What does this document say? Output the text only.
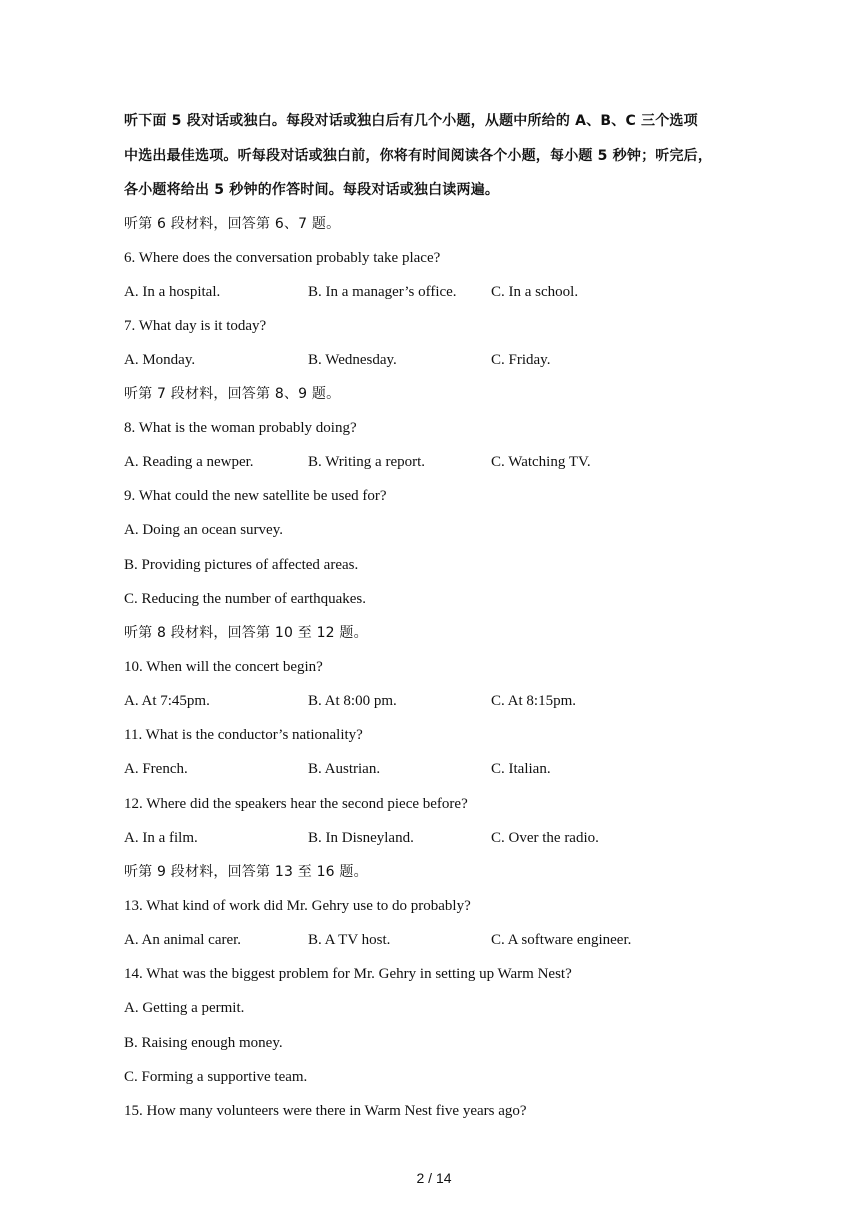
听下面 5 段对话或独白。每段对话或独白后有几个小题，从题中所给的 A、B、C 三个选项
中选出最佳选项。听每段对话或独白前，你将有时间阅读各个小题，每小题 5 秒钟；听完后，
各小题将给出 5 秒钟的作答时间。每段对话或独白读两遍。
听第 6 段材料，回答第 6、7 题。
6. Where does the conversation probably take place?
A. In a hospital.	B. In a manager’s office. C. In a school.
7. What day is it today?
A. Monday.	B. Wednesday.	C. Friday.
听第 7 段材料，回答第 8、9 题。
8. What is the woman probably doing?
A. Reading a newper.	B. Writing a report.	C. Watching TV.
9. What could the new satellite be used for?
A. Doing an ocean survey.
B. Providing pictures of affected areas.
C. Reducing the number of earthquakes.
听第 8 段材料，回答第 10 至 12 题。
10. When will the concert begin?
A. At 7:45pm.	B. At 8:00 pm.	C. At 8:15pm.
11. What is the conductor’s nationality?
A. French.	B. Austrian.	C. Italian.
12. Where did the speakers hear the second piece before?
A. In a film.	B. In Disneyland.	C. Over the radio.
听第 9 段材料，回答第 13 至 16 题。
13. What kind of work did Mr. Gehry use to do probably?
A. An animal carer.	B. A TV host.	C. A software engineer.
14. What was the biggest problem for Mr. Gehry in setting up Warm Nest?
A. Getting a permit.
B. Raising enough money.
C. Forming a supportive team.
15. How many volunteers were there in Warm Nest five years ago?
2 / 14
